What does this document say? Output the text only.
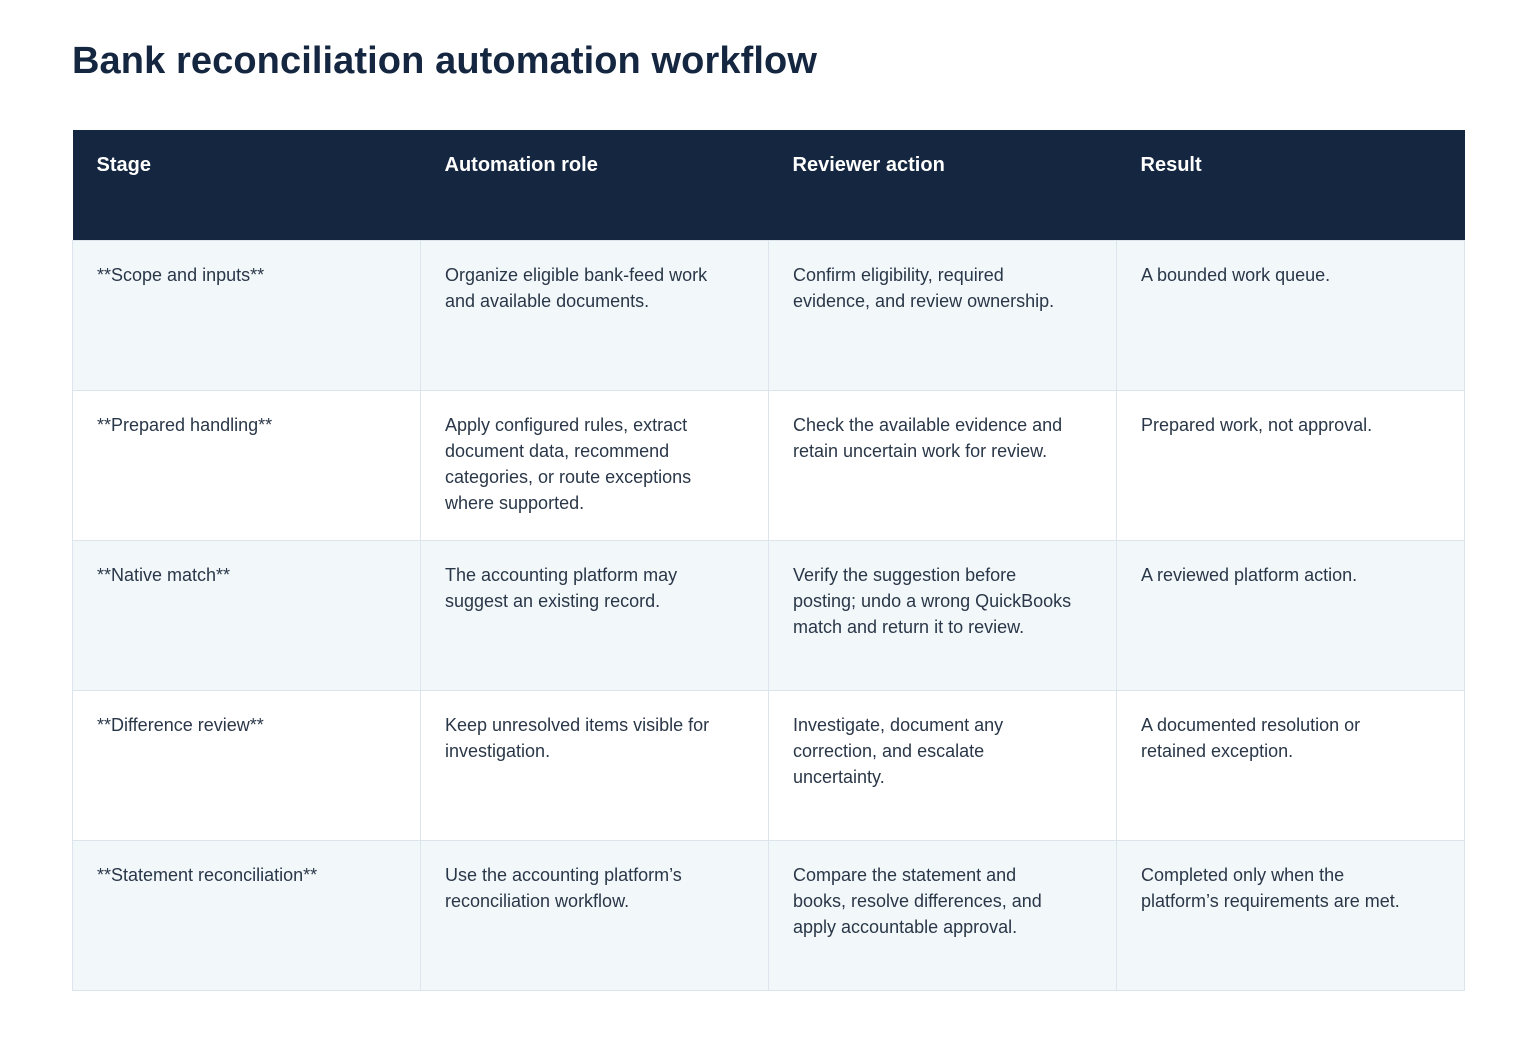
Bank reconciliation automation workflow
Stage	Automation role	Reviewer action	Result

**Scope and inputs**	Organize eligible bank-feed work and available documents.	Confirm eligibility, required evidence, and review ownership.	A bounded work queue.

**Prepared handling**	Apply configured rules, extract document data, recommend categories, or route exceptions where supported.	Check the available evidence and retain uncertain work for review.	Prepared work, not approval.

**Native match**	The accounting platform may suggest an existing record.	Verify the suggestion before posting; undo a wrong QuickBooks match and return it to review.	A reviewed platform action.

**Difference review**	Keep unresolved items visible for investigation.	Investigate, document any correction, and escalate uncertainty.	A documented resolution or retained exception.

**Statement reconciliation**	Use the accounting platform’s reconciliation workflow.	Compare the statement and books, resolve differences, and apply accountable approval.	Completed only when the platform’s requirements are met.
